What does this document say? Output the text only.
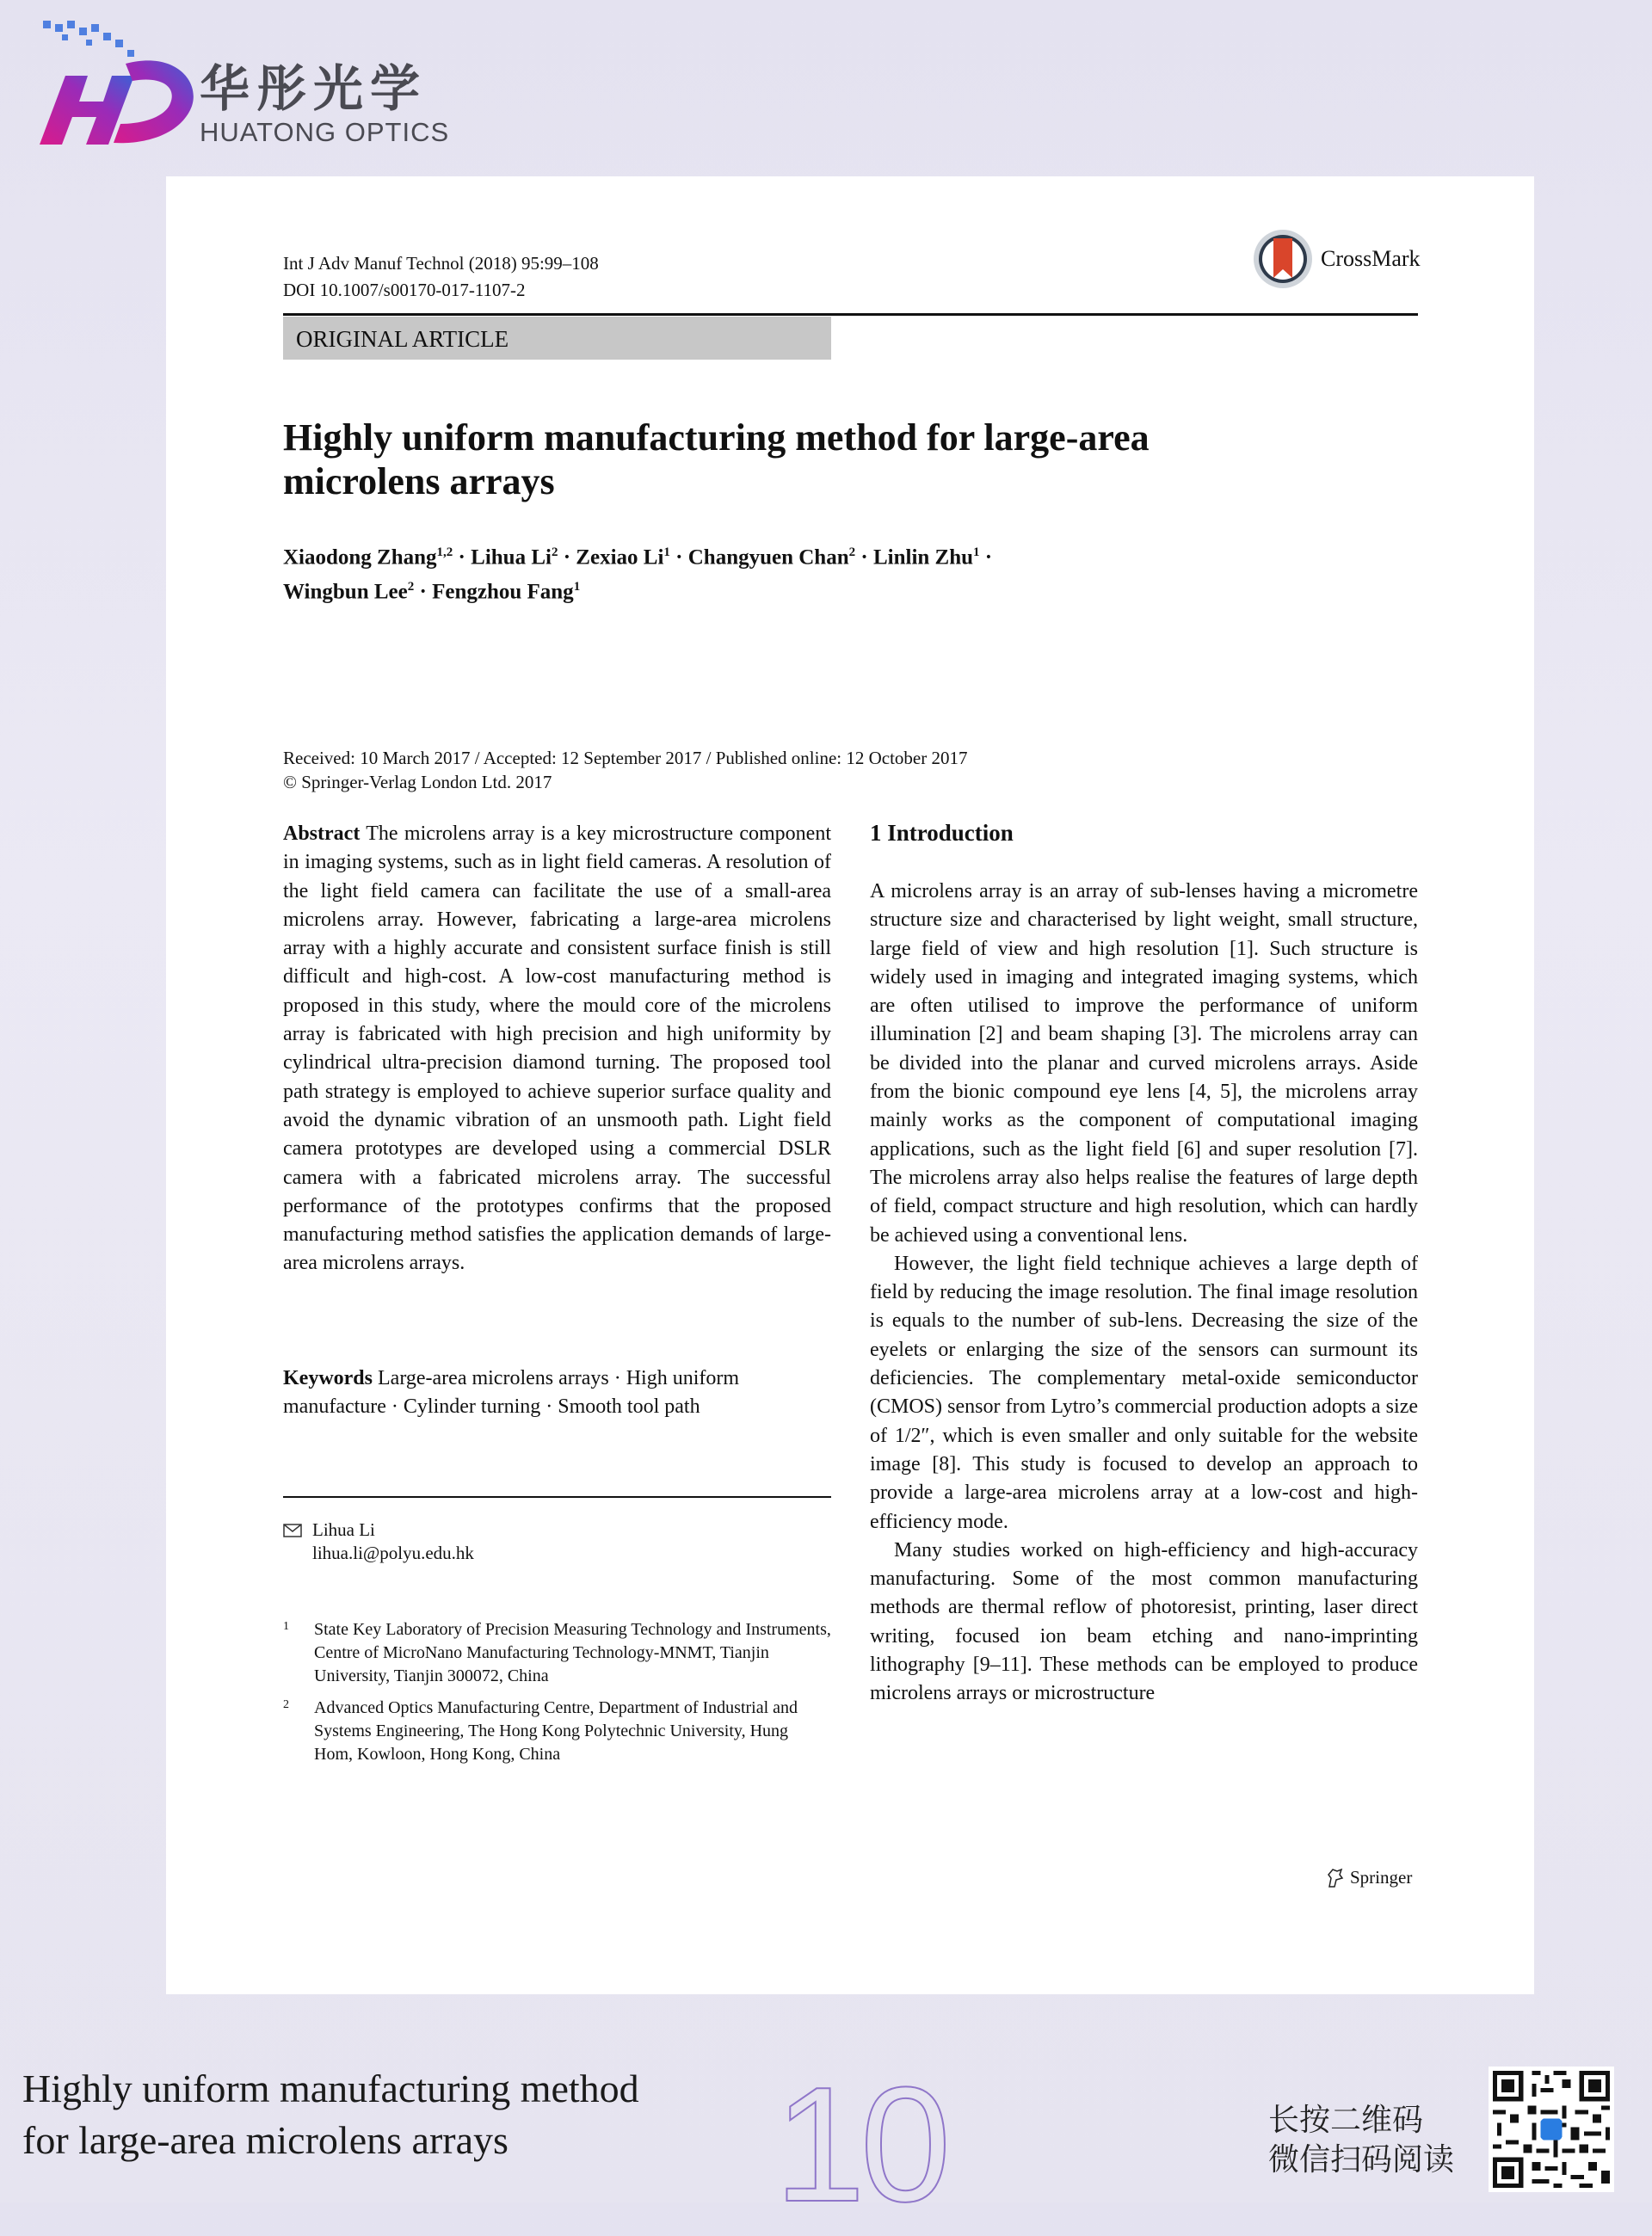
华彤光学
HUATONG OPTICS
Int J Adv Manuf Technol (2018) 95:99–108
DOI 10.1007/s00170-017-1107-2
CrossMark
ORIGINAL ARTICLE
Highly uniform manufacturing method for large-area
microlens arrays
Xiaodong Zhang$^{1,2}$ · Lihua $Li^2$ · Zexiao $Li^1$ · Changyuen Chan$^2$ · Linlin Zhu$^1$ ·
Wingbun Lee$^2$ · Fengzhou Fang$^1$
Received: 10 March 2017 / Accepted: 12 September 2017 / Published online: 12 October 2017
© Springer-Verlag London Ltd. 2017
Abstract The microlens array is a key microstructure component in imaging systems, such as in light field cameras. A resolution of the light field camera can facilitate the use of a small-area microlens array. However, fabricating a large-area microlens array with a highly accurate and consistent surface finish is still difficult and high-cost. A low-cost manufacturing method is proposed in this study, where the mould core of the microlens array is fabricated with high precision and high uniformity by cylindrical ultra-precision diamond turning. The proposed tool path strategy is employed to achieve superior surface quality and avoid the dynamic vibration of an unsmooth path. Light field camera prototypes are developed using a commercial DSLR camera with a fabricated microlens array. The successful performance of the prototypes confirms that the proposed manufacturing method satisfies the application demands of large-area microlens arrays.
Keywords Large-area microlens arrays · High uniform manufacture · Cylinder turning · Smooth tool path
Lihua Li
lihua.li@polyu.edu.hk
1 State Key Laboratory of Precision Measuring Technology and Instruments, Centre of MicroNano Manufacturing Technology-MNMT, Tianjin University, Tianjin 300072, China
2 Advanced Optics Manufacturing Centre, Department of Industrial and Systems Engineering, The Hong Kong Polytechnic University, Hung Hom, Kowloon, Hong Kong, China
1 Introduction

A microlens array is an array of sub-lenses having a micrometre structure size and characterised by light weight, small structure, large field of view and high resolution [1]. Such structure is widely used in imaging and integrated imaging systems, which are often utilised to improve the performance of uniform illumination [2] and beam shaping [3]. The microlens array can be divided into the planar and curved microlens arrays. Aside from the bionic compound eye lens [4, 5], the microlens array mainly works as the component of computational imaging applications, such as the light field [6] and super resolution [7]. The microlens array also helps realise the features of large depth of field, compact structure and high resolution, which can hardly be achieved using a conventional lens.

However, the light field technique achieves a large depth of field by reducing the image resolution. The final image resolution is equals to the number of sub-lens. Decreasing the size of the eyelets or enlarging the size of the sensors can surmount its deficiencies. The complementary metal-oxide semiconductor (CMOS) sensor from Lytro’s commercial production adopts a size of 1/2″, which is even smaller and only suitable for the website image [8]. This study is focused to develop an approach to provide a large-area microlens array at a low-cost and high-efficiency mode.

Many studies worked on high-efficiency and high-accuracy manufacturing. Some of the most common manufacturing methods are thermal reflow of photoresist, printing, laser direct writing, focused ion beam etching and nano-imprinting lithography [9–11]. These methods can be employed to produce microlens arrays or microstructure

Springer
Highly uniform manufacturing method
for large-area microlens arrays	10	长按二维码
微信扫码阅读
